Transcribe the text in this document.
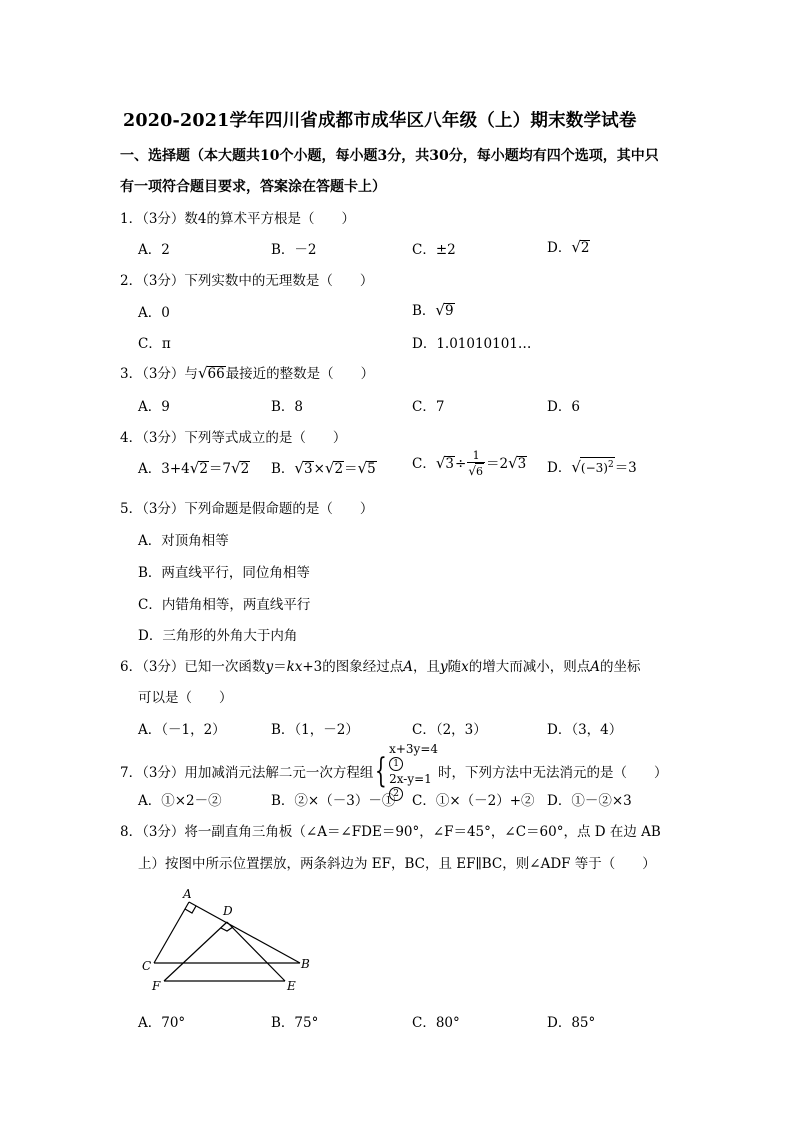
2020-2021学年四川省成都市成华区八年级（上）期末数学试卷
一、选择题（本大题共10个小题，每小题3分，共30分，每小题均有四个选项，其中只
有一项符合题目要求，答案涂在答题卡上）
1．（3分）数4的算术平方根是（　　）
A．2	B．－2	C．±2	D．√2
2．（3分）下列实数中的无理数是（　　）
A．0	B．√9
C．π	D．1.01010101…
3．（3分）与√66最接近的整数是（　　）
A．9	B．8	C．7	D．6
4．（3分）下列等式成立的是（　　）
A．3+4√2＝7√2 B．√3×√2＝√5	C．$√3\div \frac{1}{√6} =2√3$ D．$√(-3)^2=3$
5．（3分）下列命题是假命题的是（　　）
A．对顶角相等
B．两直线平行，同位角相等
C．内错角相等，两直线平行
D．三角形的外角大于内角
6．（3分）已知一次函数y＝kx+3的图象经过点A，且y随x的增大而减小，则点A的坐标
可以是（　　）
A．（－1，2）	B．（1，－2）	C．（2，3）	D．（3，4）
7．（3分）用加减消元法解二元一次方程组{
x+3y=4
1
2x-y=1
2
时，下列方法中无法消元的是（　　）
A．①×2－②	B．②×（－3）－① C．①×（－2）+② D．①－②×3
8．（3分）将一副直角三角板（∠A＝∠FDE＝90°，∠F＝45°，∠C＝60°，点 D 在边 AB
上）按图中所示位置摆放，两条斜边为 EF，BC，且 EF∥BC，则∠ADF 等于（　　）
A
D
C	B
F	E
A．70°	B．75°	C．80°	D．85°
